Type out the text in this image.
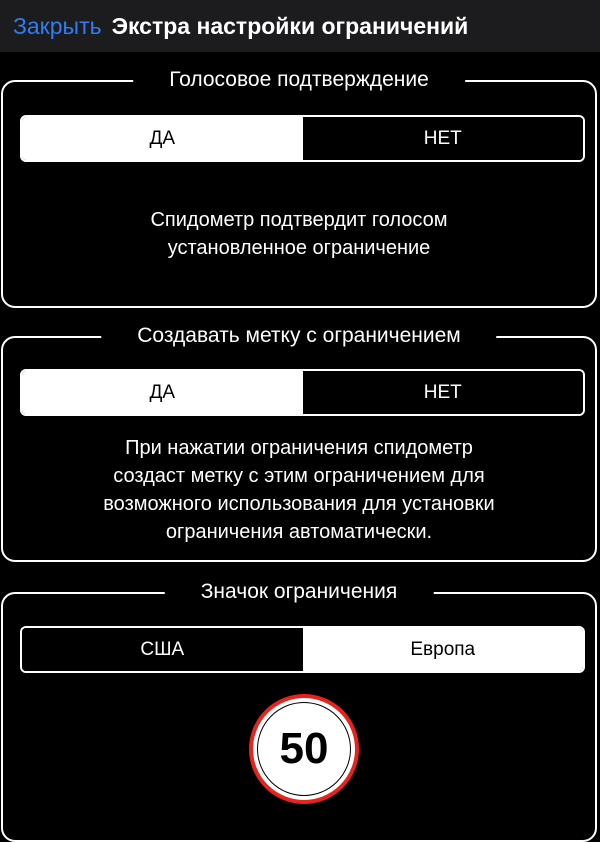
Закрыть Экстра настройки ограничений
Голосовое подтверждение
ДА	НЕТ
Спидометр подтвердит голосом
установленное ограничение
Создавать метку с ограничением
ДА	НЕТ
При нажатии ограничения спидометр
создаст метку с этим ограничением для
возможного использования для установки
ограничения автоматически.
Значок ограничения
США	Европа
50
